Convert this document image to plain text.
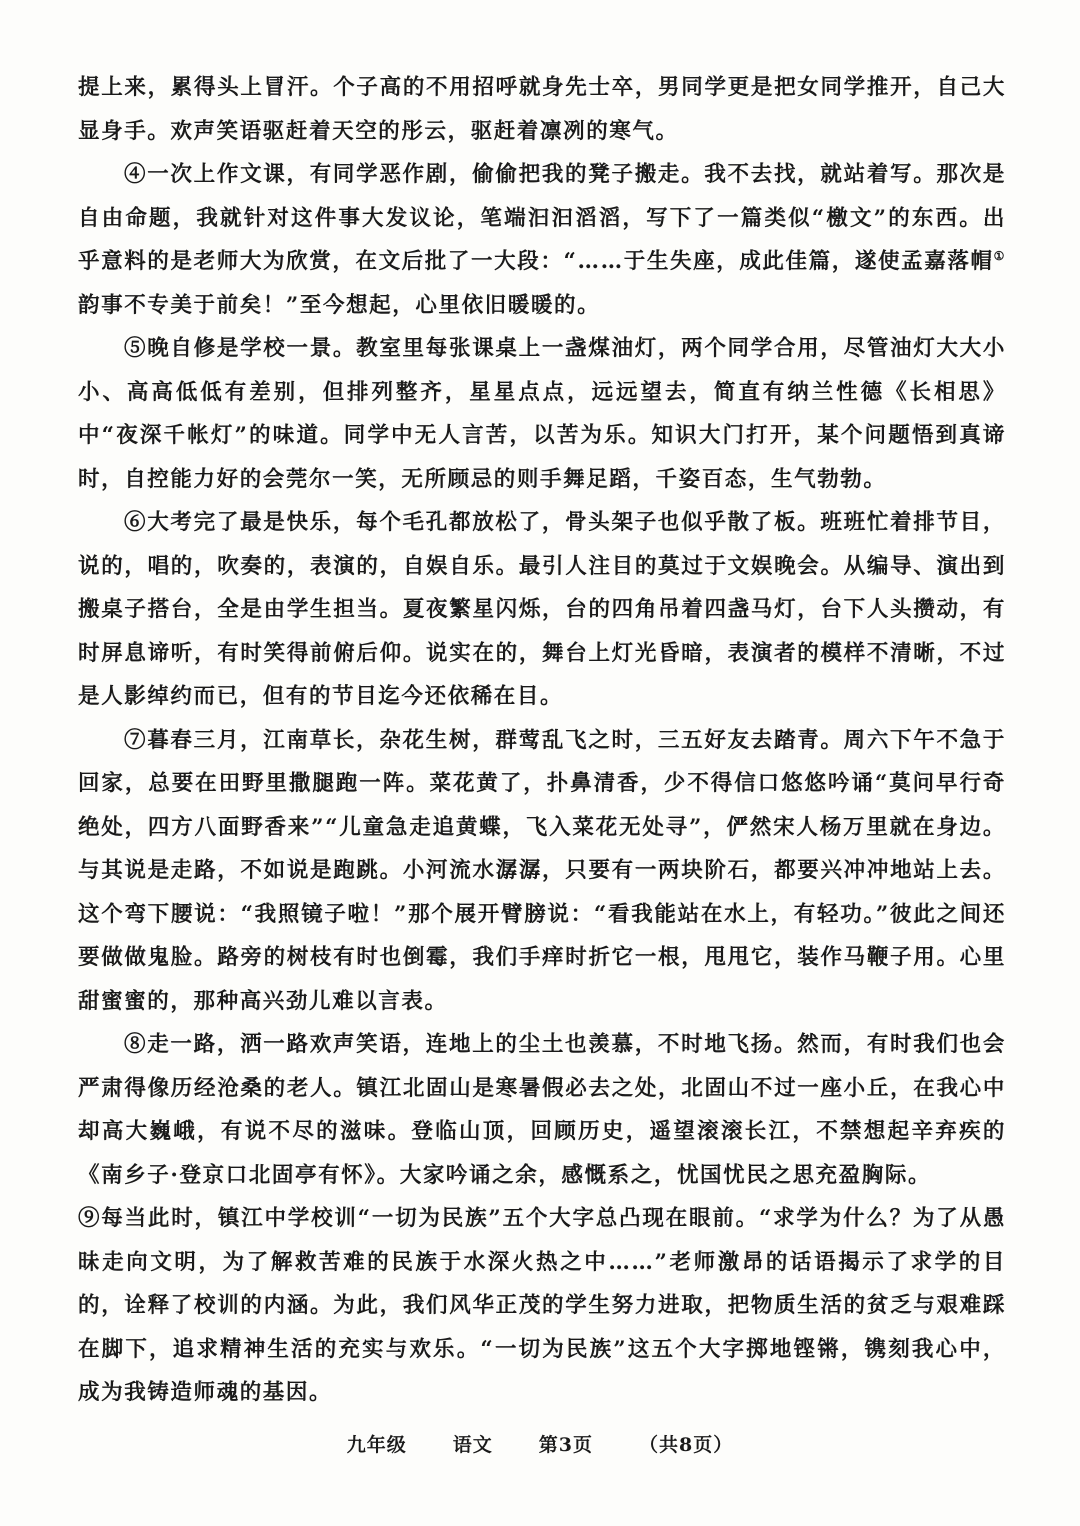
提上来，累得头上冒汗。个子高的不用招呼就身先士卒，男同学更是把女同学推开，自己大显身手。欢声笑语驱赶着天空的彤云，驱赶着凛冽的寒气。

④一次上作文课，有同学恶作剧，偷偷把我的凳子搬走。我不去找，就站着写。那次是自由命题，我就针对这件事大发议论，笔端汩汩滔滔，写下了一篇类似“檄文”的东西。出乎意料的是老师大为欣赏，在文后批了一大段：“……于生失座，成此佳篇，遂使孟嘉落帽①韵事不专美于前矣！”至今想起，心里依旧暖暖的。

⑤晚自修是学校一景。教室里每张课桌上一盏煤油灯，两个同学合用，尽管油灯大大小小、高高低低有差别，但排列整齐，星星点点，远远望去，简直有纳兰性德《长相思》中“夜深千帐灯”的味道。同学中无人言苦，以苦为乐。知识大门打开，某个问题悟到真谛时，自控能力好的会莞尔一笑，无所顾忌的则手舞足蹈，千姿百态，生气勃勃。

⑥大考完了最是快乐，每个毛孔都放松了，骨头架子也似乎散了板。班班忙着排节目，说的，唱的，吹奏的，表演的，自娱自乐。最引人注目的莫过于文娱晚会。从编导、演出到搬桌子搭台，全是由学生担当。夏夜繁星闪烁，台的四角吊着四盏马灯，台下人头攒动，有时屏息谛听，有时笑得前俯后仰。说实在的，舞台上灯光昏暗，表演者的模样不清晰，不过是人影绰约而已，但有的节目迄今还依稀在目。

⑦暮春三月，江南草长，杂花生树，群莺乱飞之时，三五好友去踏青。周六下午不急于回家，总要在田野里撒腿跑一阵。菜花黄了，扑鼻清香，少不得信口悠悠吟诵“莫问早行奇绝处，四方八面野香来”“儿童急走追黄蝶，飞入菜花无处寻”，俨然宋人杨万里就在身边。与其说是走路，不如说是跑跳。小河流水潺潺，只要有一两块阶石，都要兴冲冲地站上去。这个弯下腰说：“我照镜子啦！”那个展开臂膀说：“看我能站在水上，有轻功。”彼此之间还要做做鬼脸。路旁的树枝有时也倒霉，我们手痒时折它一根，甩甩它，装作马鞭子用。心里甜蜜蜜的，那种高兴劲儿难以言表。

⑧走一路，洒一路欢声笑语，连地上的尘土也羡慕，不时地飞扬。然而，有时我们也会严肃得像历经沧桑的老人。镇江北固山是寒暑假必去之处，北固山不过一座小丘，在我心中却高大巍峨，有说不尽的滋味。登临山顶，回顾历史，遥望滚滚长江，不禁想起辛弃疾的《南乡子·登京口北固亭有怀》。大家吟诵之余，感慨系之，忧国忧民之思充盈胸际。

⑨每当此时，镇江中学校训“一切为民族”五个大字总凸现在眼前。“求学为什么？为了从愚昧走向文明，为了解救苦难的民族于水深火热之中……”老师激昂的话语揭示了求学的目的，诠释了校训的内涵。为此，我们风华正茂的学生努力进取，把物质生活的贫乏与艰难踩在脚下，追求精神生活的充实与欢乐。“一切为民族”这五个大字掷地铿锵，镌刻我心中，成为我铸造师魂的基因。

九年级 语文 第3页 （共8页）
